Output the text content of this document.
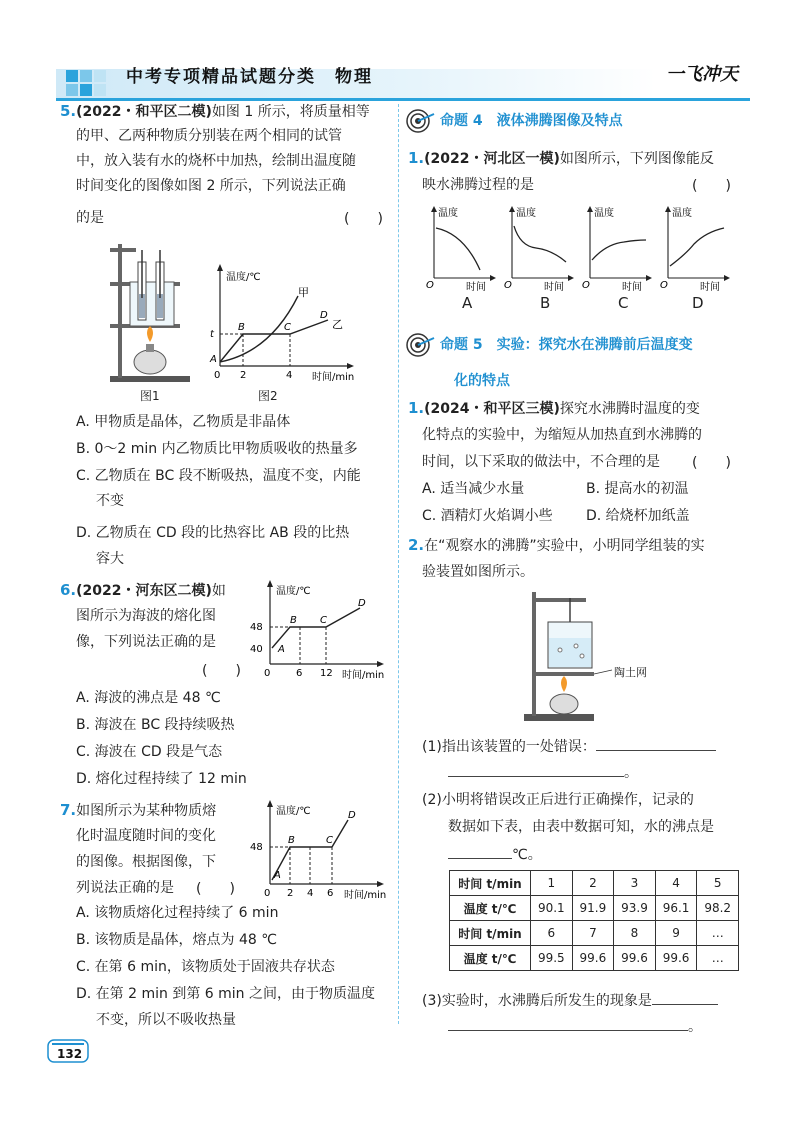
中考专项精品试题分类　物理	一飞冲天
5.(2022・和平区二模)如图 1 所示，将质量相等
的甲、乙两种物质分别装在两个相同的试管
中，放入装有水的烧杯中加热，绘制出温度随
时间变化的图像如图 2 所示，下列说法正确
的是	(　　)
图1
温度/℃
时间/min
0 2	4
t
A
B	C
D
甲
乙
图2
A. 甲物质是晶体，乙物质是非晶体
B. 0～2 min 内乙物质比甲物质吸收的热量多
C. 乙物质在 BC 段不断吸热，温度不变，内能
不变
D. 乙物质在 CD 段的比热容比 AB 段的比热
容大
6.(2022・河东区二模)如
图所示为海波的熔化图
像，下列说法正确的是
(　　)
温度/℃
时间/min
0	6 12
48
40 A
B C
D
A. 海波的沸点是 48 ℃
B. 海波在 BC 段持续吸热
C. 海波在 CD 段是气态
D. 熔化过程持续了 12 min
7.如图所示为某种物质熔
化时温度随时间的变化
的图像。根据图像，下
列说法正确的是 (　　)
温度/℃
时间/min
0 2 4 6
48
A
B	C
D
A. 该物质熔化过程持续了 6 min
B. 该物质是晶体，熔点为 48 ℃
C. 在第 6 min，该物质处于固液共存状态
D. 在第 2 min 到第 6 min 之间，由于物质温度
不变，所以不吸收热量
命题 4　液体沸腾图像及特点
1.(2022・河北区一模)如图所示，下列图像能反
映水沸腾过程的是	(　　)
温度
时间
O
温度
时间
O
温度
时间
O
温度
时间
O
A	B	C	D
命题 5　实验：探究水在沸腾前后温度变
化的特点
1.(2024・和平区三模)探究水沸腾时温度的变
化特点的实验中，为缩短从加热直到水沸腾的
时间，以下采取的做法中，不合理的是 (　　)
A. 适当减少水量	B. 提高水的初温
C. 酒精灯火焰调小些 D. 给烧杯加纸盖
2.在“观察水的沸腾”实验中，小明同学组装的实
验装置如图所示。
陶土网
(1)指出该装置的一处错误：
。
(2)小明将错误改正后进行正确操作，记录的
数据如下表，由表中数据可知，水的沸点是
℃。
时间 t/min	1	2	3	4	5
温度 t/℃	90.1	91.9	93.9	96.1	98.2
时间 t/min	6	7	8	9	…
温度 t/℃	99.5	99.6	99.6	99.6	…
(3)实验时，水沸腾后所发生的现象是
。
132
